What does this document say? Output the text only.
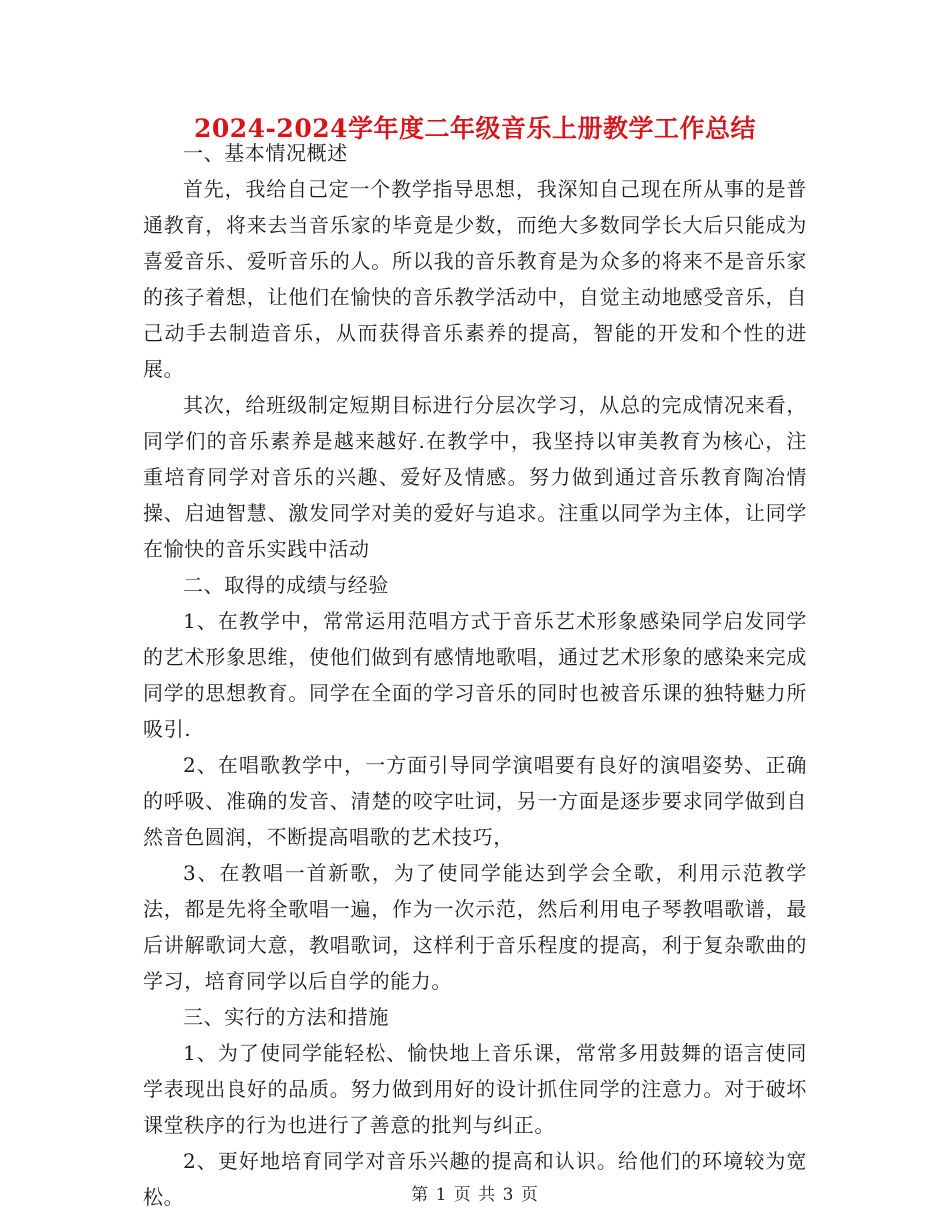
2024-2024学年度二年级音乐上册教学工作总结
一、基本情况概述
首先，我给自己定一个教学指导思想，我深知自己现在所从事的是普通教育，将来去当音乐家的毕竟是少数，而绝大多数同学长大后只能成为喜爱音乐、爱听音乐的人。所以我的音乐教育是为众多的将来不是音乐家的孩子着想，让他们在愉快的音乐教学活动中，自觉主动地感受音乐，自己动手去制造音乐，从而获得音乐素养的提高，智能的开发和个性的进展。
其次，给班级制定短期目标进行分层次学习，从总的完成情况来看，同学们的音乐素养是越来越好.在教学中，我坚持以审美教育为核心，注重培育同学对音乐的兴趣、爱好及情感。努力做到通过音乐教育陶冶情操、启迪智慧、激发同学对美的爱好与追求。注重以同学为主体，让同学在愉快的音乐实践中活动
二、取得的成绩与经验
1、在教学中，常常运用范唱方式于音乐艺术形象感染同学启发同学的艺术形象思维，使他们做到有感情地歌唱，通过艺术形象的感染来完成同学的思想教育。同学在全面的学习音乐的同时也被音乐课的独特魅力所吸引.
2、在唱歌教学中，一方面引导同学演唱要有良好的演唱姿势、正确的呼吸、准确的发音、清楚的咬字吐词，另一方面是逐步要求同学做到自然音色圆润，不断提高唱歌的艺术技巧，
3、在教唱一首新歌，为了使同学能达到学会全歌，利用示范教学法，都是先将全歌唱一遍，作为一次示范，然后利用电子琴教唱歌谱，最后讲解歌词大意，教唱歌词，这样利于音乐程度的提高，利于复杂歌曲的学习，培育同学以后自学的能力。
三、实行的方法和措施
1、为了使同学能轻松、愉快地上音乐课，常常多用鼓舞的语言使同学表现出良好的品质。努力做到用好的设计抓住同学的注意力。对于破坏课堂秩序的行为也进行了善意的批判与纠正。
2、更好地培育同学对音乐兴趣的提高和认识。给他们的环境较为宽松。	第 1 页 共 3 页
